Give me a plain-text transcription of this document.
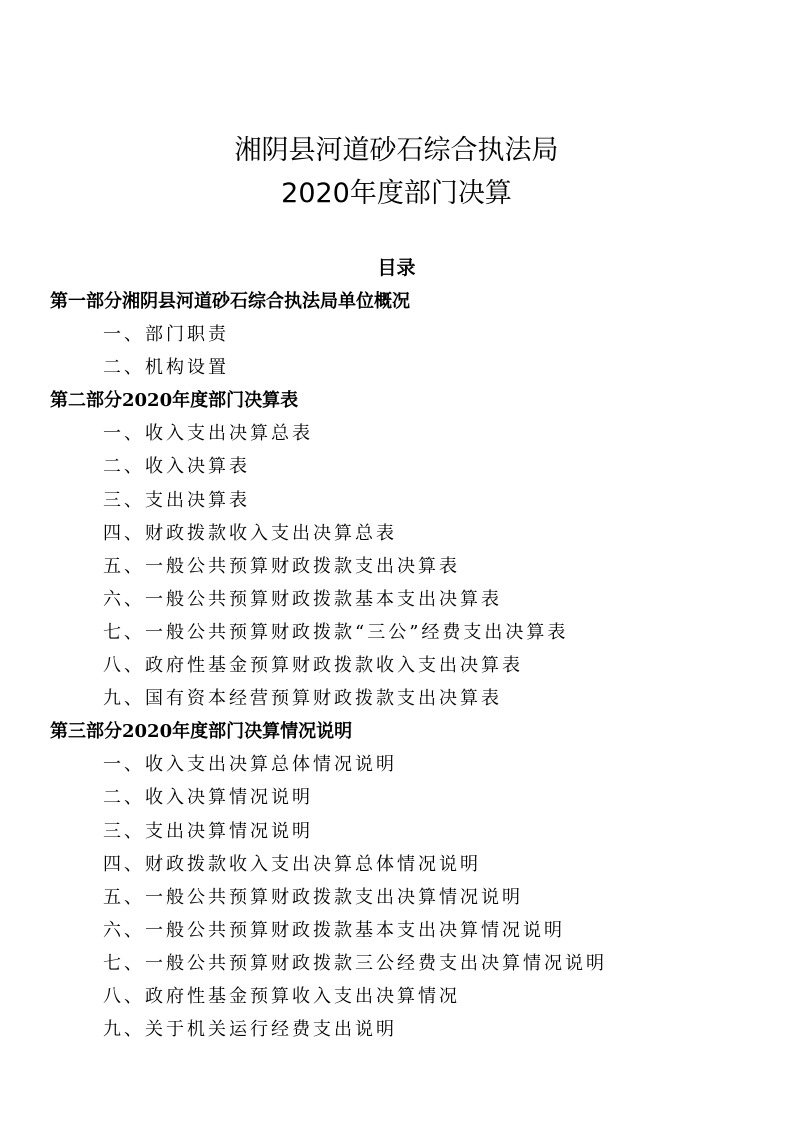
湘阴县河道砂石综合执法局
2020年度部门决算
目录
第一部分湘阴县河道砂石综合执法局单位概况
一、部门职责
二、机构设置
第二部分2020年度部门决算表
一、收入支出决算总表
二、收入决算表
三、支出决算表
四、财政拨款收入支出决算总表
五、一般公共预算财政拨款支出决算表
六、一般公共预算财政拨款基本支出决算表
七、一般公共预算财政拨款“三公”经费支出决算表
八、政府性基金预算财政拨款收入支出决算表
九、国有资本经营预算财政拨款支出决算表
第三部分2020年度部门决算情况说明
一、收入支出决算总体情况说明
二、收入决算情况说明
三、支出决算情况说明
四、财政拨款收入支出决算总体情况说明
五、一般公共预算财政拨款支出决算情况说明
六、一般公共预算财政拨款基本支出决算情况说明
七、一般公共预算财政拨款三公经费支出决算情况说明
八、政府性基金预算收入支出决算情况
九、关于机关运行经费支出说明
